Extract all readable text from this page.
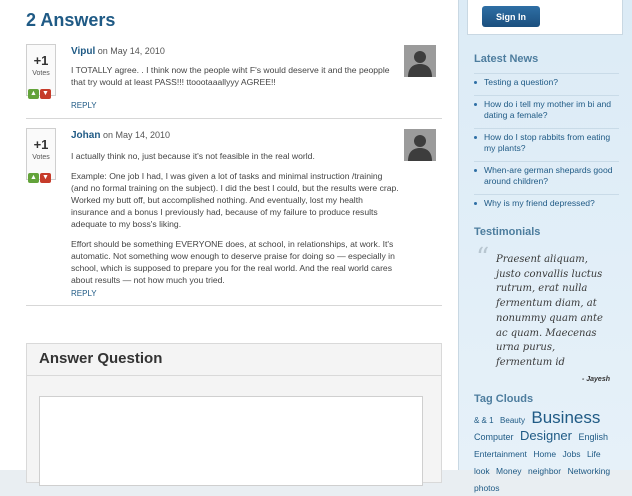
2 Answers
+1
Votes
▲ ▼
Vipul on May 14, 2010

I TOTALLY agree. . I think now the people wiht F's would deserve it and the peopple that try would at least PASS!!! ttoootaaallyyy AGREE!!

REPLY
+1
Votes
▲ ▼
Johan on May 14, 2010

I actually think no, just because it's not feasible in the real world.

Example: One job I had, I was given a lot of tasks and minimal instruction /training (and no formal training on the subject). I did the best I could, but the results were crap. Worked my butt off, but accomplished nothing. And eventually, lost my health insurance and a bonus I previously had, because of my failure to produce results adequate to my boss's liking.

Effort should be something EVERYONE does, at school, in relationships, at work. It's automatic. Not something wow enough to deserve praise for doing so — especially in school, which is supposed to prepare you for the real world. And the real world cares about results — not how much you tried.

REPLY
Answer Question
Sign In
Latest News
Testing a question?
How do i tell my mother im bi and dating a female?
How do I stop rabbits from eating my plants?
When-are german shepards good around children?
Why is my friend depressed?
Testimonials
“ Praesent aliquam, justo convallis luctus rutrum, erat nulla fermentum diam, at nonummy quam ante ac quam. Maecenas urna purus, fermentum id

- Jayesh
Tag Clouds
& & 1 Beauty Business Computer Designer English Entertainment Home Jobs Life look Money neighbor Networking photos
